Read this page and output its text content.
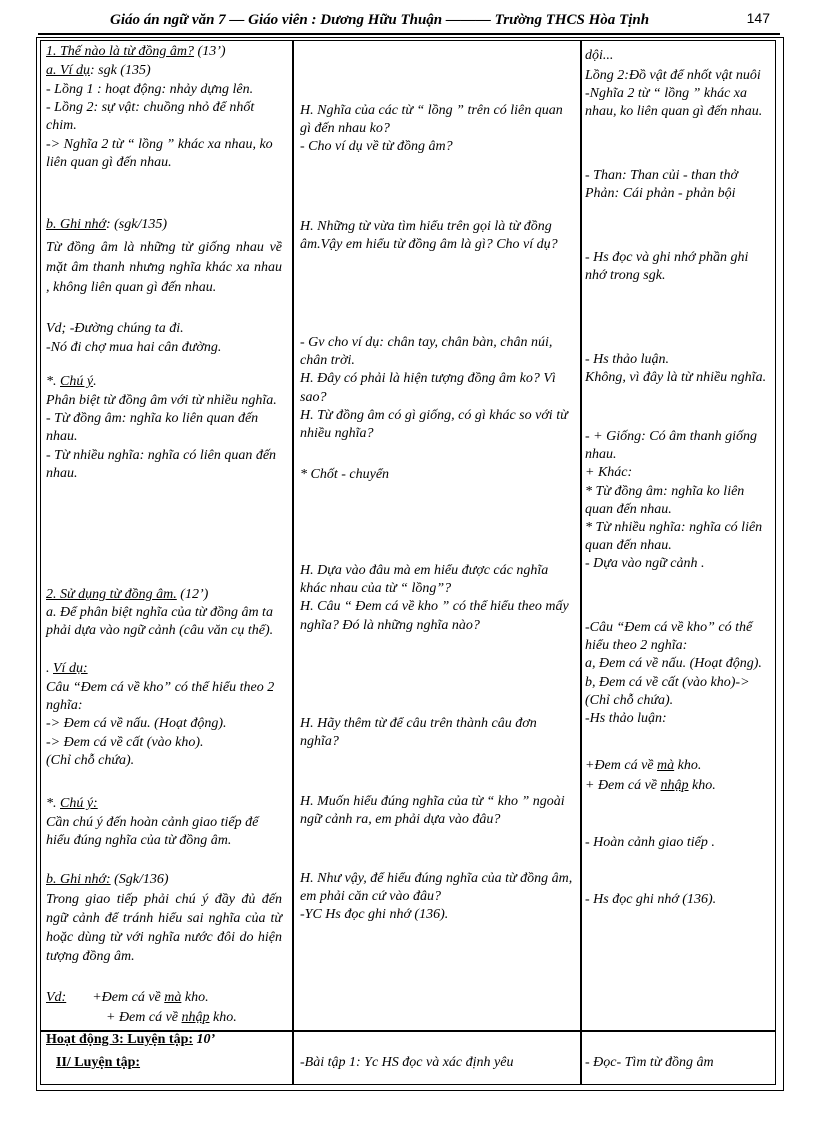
Giáo án ngữ văn 7 — Giáo viên : Dương Hữu Thuận ——— Trường THCS Hòa Tịnh	147
1. Thế nào là từ đồng âm? (13’)
a. Ví dụ: sgk (135)
- Lồng 1 : hoạt động: nhảy dựng lên.
- Lồng 2: sự vật: chuồng nhỏ để nhốt chim.
-> Nghĩa 2 từ “ lồng ” khác xa nhau, ko liên quan gì đến nhau.
b. Ghi nhớ: (sgk/135)
Từ đồng âm là những từ giống nhau về mặt âm thanh nhưng nghĩa khác xa nhau , không liên quan gì đến nhau.
Vd; -Đường chúng ta đi.
-Nó đi chợ mua hai cân đường.
*. Chú ý.
Phân biệt từ đồng âm với từ nhiều nghĩa.
- Từ đồng âm: nghĩa ko liên quan đến nhau.
- Từ nhiều nghĩa: nghĩa có liên quan đến nhau.
2. Sử dụng từ đồng âm. (12’)
a. Để phân biệt nghĩa của từ đồng âm ta phải dựa vào ngữ cảnh (câu văn cụ thể).
. Ví dụ:
Câu “Đem cá về kho” có thể hiểu theo 2 nghĩa:
-> Đem cá về nấu. (Hoạt động).
-> Đem cá về cất (vào kho).
(Chỉ chỗ chứa).
*. Chú ý:
Cần chú ý đến hoàn cảnh giao tiếp để hiểu đúng nghĩa của từ đồng âm.
b. Ghi nhớ: (Sgk/136)
Trong giao tiếp phải chú ý đầy đủ đến ngữ cảnh để tránh hiểu sai nghĩa của từ hoặc dùng từ với nghĩa nước đôi do hiện tượng đồng âm.
Vd: +Đem cá về mà kho.
+ Đem cá về nhập kho.
Hoạt động 3: Luyện tập: 10’
II/ Luyện tập:
H. Nghĩa của các từ “ lồng ” trên có liên quan gì đến nhau ko?
- Cho ví dụ về từ đồng âm?
H. Những từ vừa tìm hiểu trên gọi là từ đồng âm.Vậy em hiểu từ đồng âm là gì? Cho ví dụ?
- Gv cho ví dụ: chân tay, chân bàn, chân núi, chân trời.
H. Đây có phải là hiện tượng đồng âm ko? Vì sao?
H. Từ đồng âm có gì giống, có gì khác so với từ nhiều nghĩa?
* Chốt - chuyển
H. Dựa vào đâu mà em hiểu được các nghĩa khác nhau của từ “ lồng”?
H. Câu “ Đem cá về kho ” có thể hiểu theo mấy nghĩa? Đó là những nghĩa nào?
H. Hãy thêm từ để câu trên thành câu đơn nghĩa?
H. Muốn hiểu đúng nghĩa của từ “ kho ” ngoài ngữ cảnh ra, em phải dựa vào đâu?
H. Như vậy, để hiểu đúng nghĩa của từ đồng âm, em phải căn cứ vào đâu?
-YC Hs đọc ghi nhớ (136).
-Bài tập 1: Yc HS đọc và xác định yêu
dội...
Lồng 2:Đồ vật để nhốt vật nuôi
-Nghĩa 2 từ “ lồng ” khác xa nhau, ko liên quan gì đến nhau.
- Than: Than củi - than thở
Phản: Cái phản - phản bội
- Hs đọc và ghi nhớ phần ghi nhớ trong sgk.
- Hs thảo luận.
Không, vì đây là từ nhiều nghĩa.
- + Giống: Có âm thanh giống nhau.
+ Khác:
* Từ đồng âm: nghĩa ko liên quan đến nhau.
* Từ nhiều nghĩa: nghĩa có liên quan đến nhau.
- Dựa vào ngữ cảnh .
-Câu “Đem cá về kho” có thể hiểu theo 2 nghĩa:
a, Đem cá về nấu. (Hoạt động).
b, Đem cá về cất (vào kho)->(Chỉ chỗ chứa).
-Hs thảo luận:
+Đem cá về mà kho.
+ Đem cá về nhập kho.
- Hoàn cảnh giao tiếp .
- Hs đọc ghi nhớ (136).
- Đọc- Tìm từ đồng âm
